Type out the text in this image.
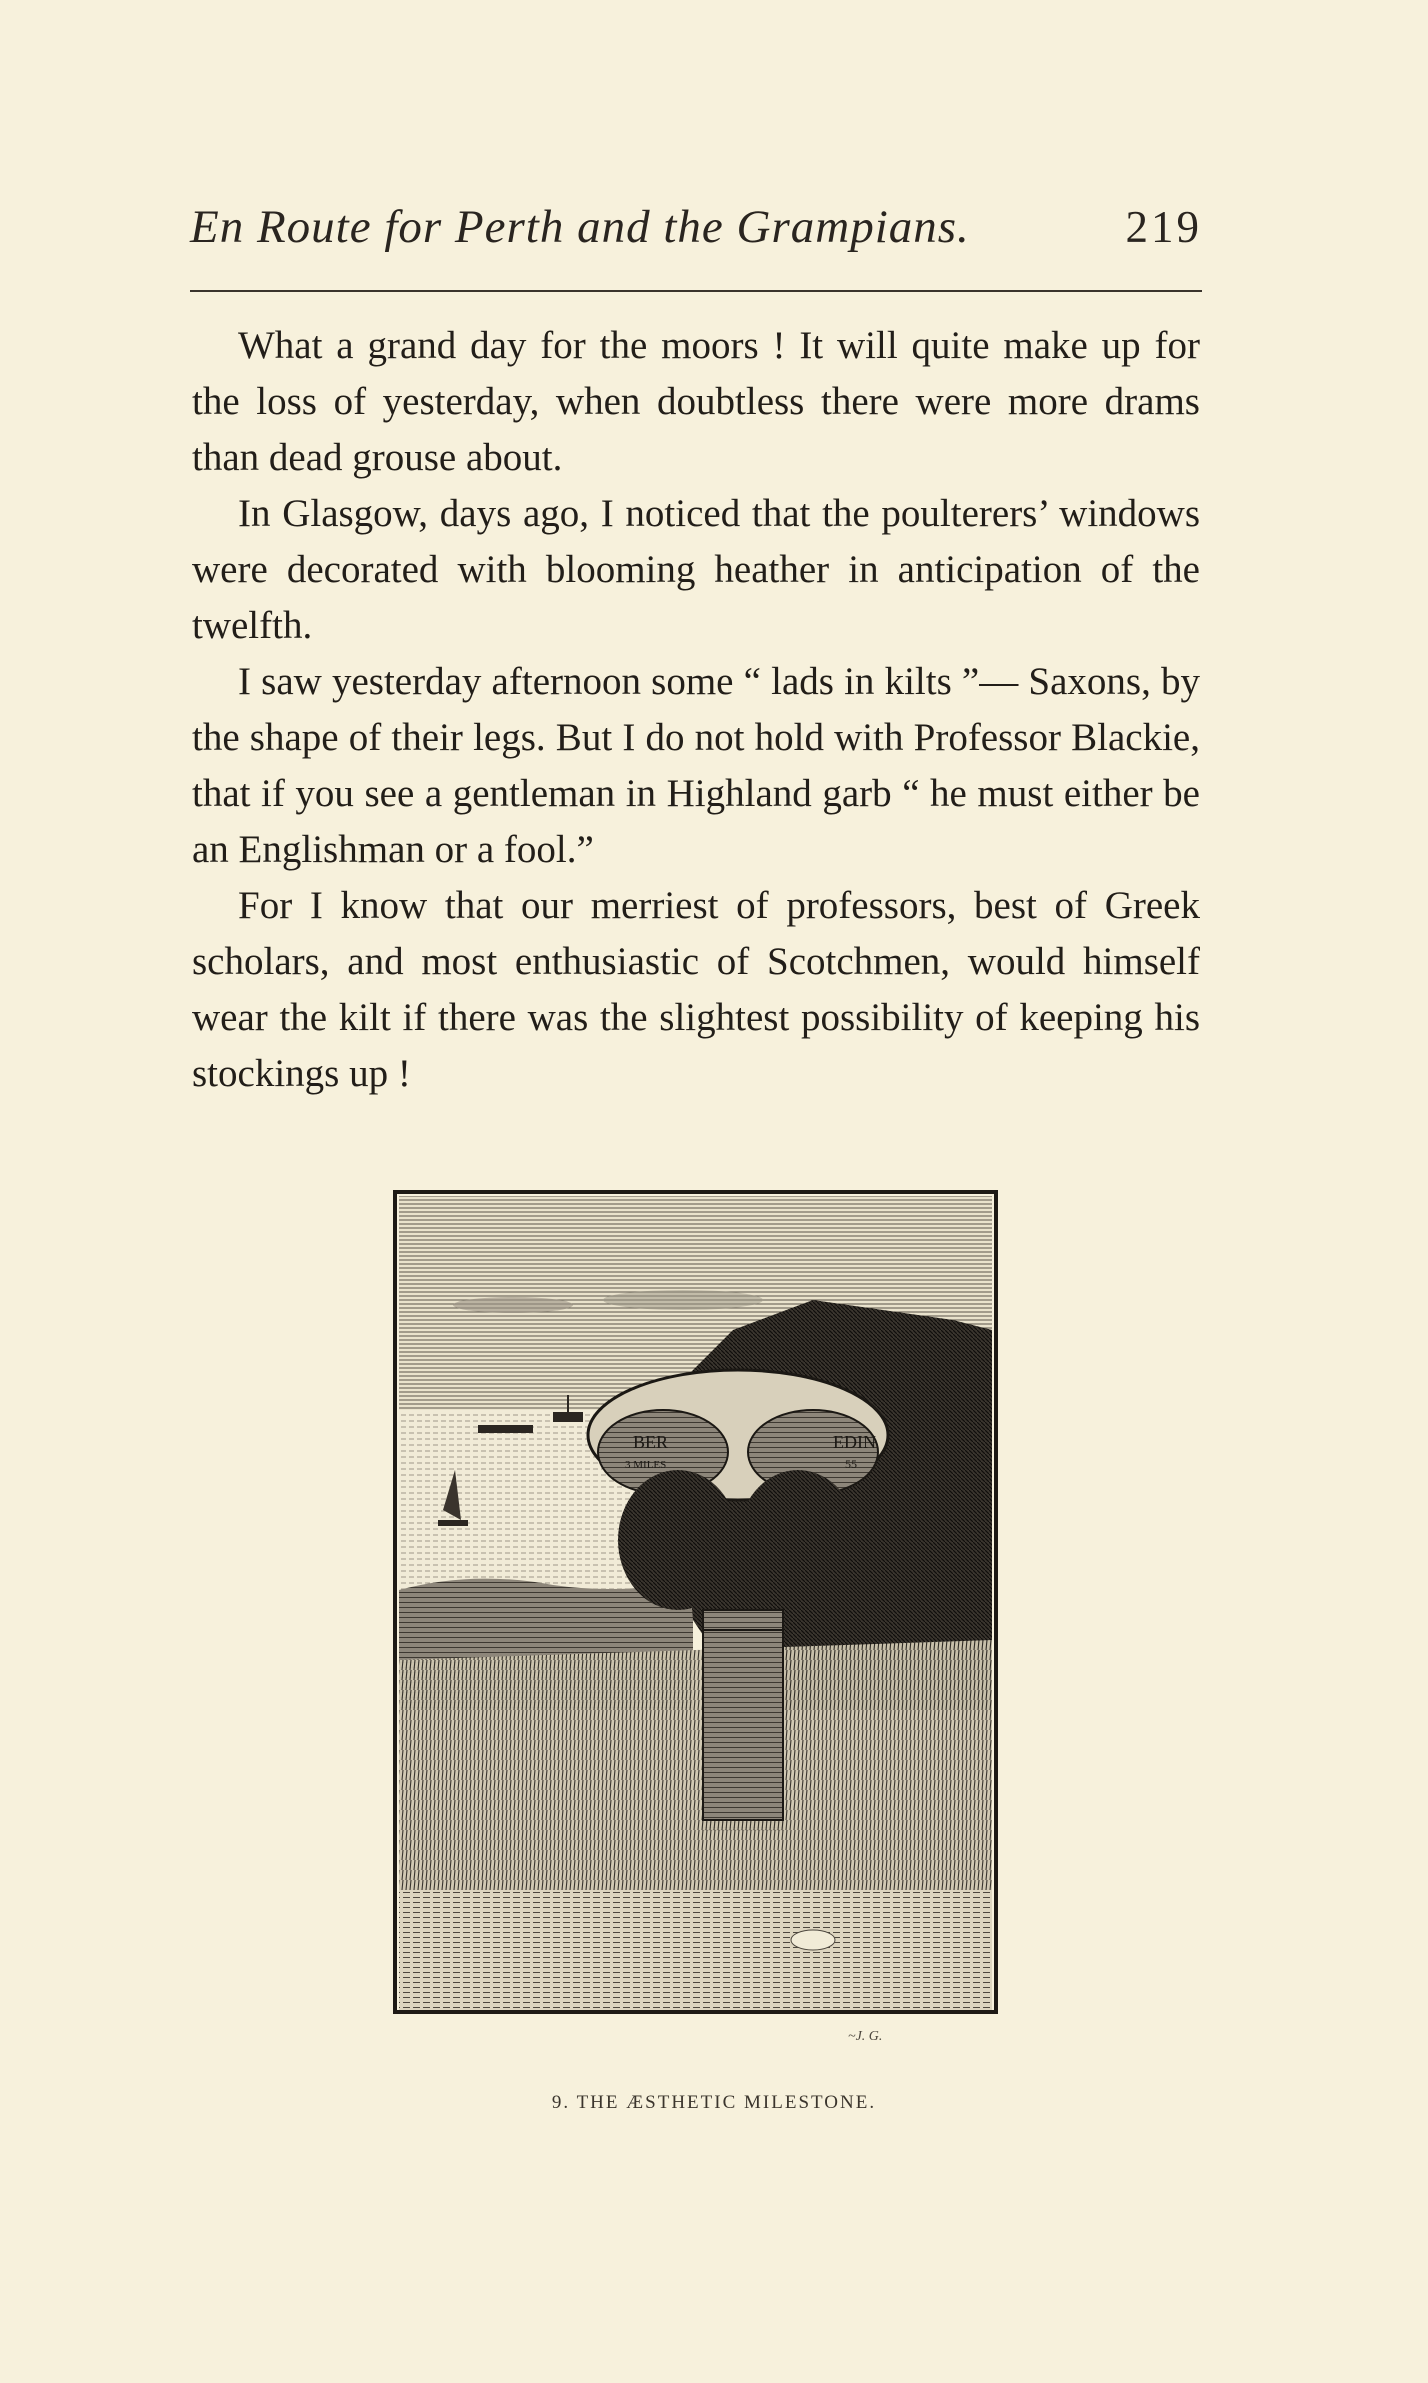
En Route for Perth and the Grampians.	219

What a grand day for the moors ! It will quite make up for the loss of yesterday, when doubtless there were more drams than dead grouse about.

In Glasgow, days ago, I noticed that the poulterers’ windows were decorated with blooming heather in anticipation of the twelfth.

I saw yesterday afternoon some “ lads in kilts ”— Saxons, by the shape of their legs. But I do not hold with Professor Blackie, that if you see a gentleman in Highland garb “ he must either be an Englishman or a fool.”

For I know that our merriest of professors, best of Greek scholars, and most enthusiastic of Scotchmen, would himself wear the kilt if there was the slightest possibility of keeping his stockings up !

BER
3 MILES
EDIN
55
~J. G.
9. THE ÆSTHETIC MILESTONE.
